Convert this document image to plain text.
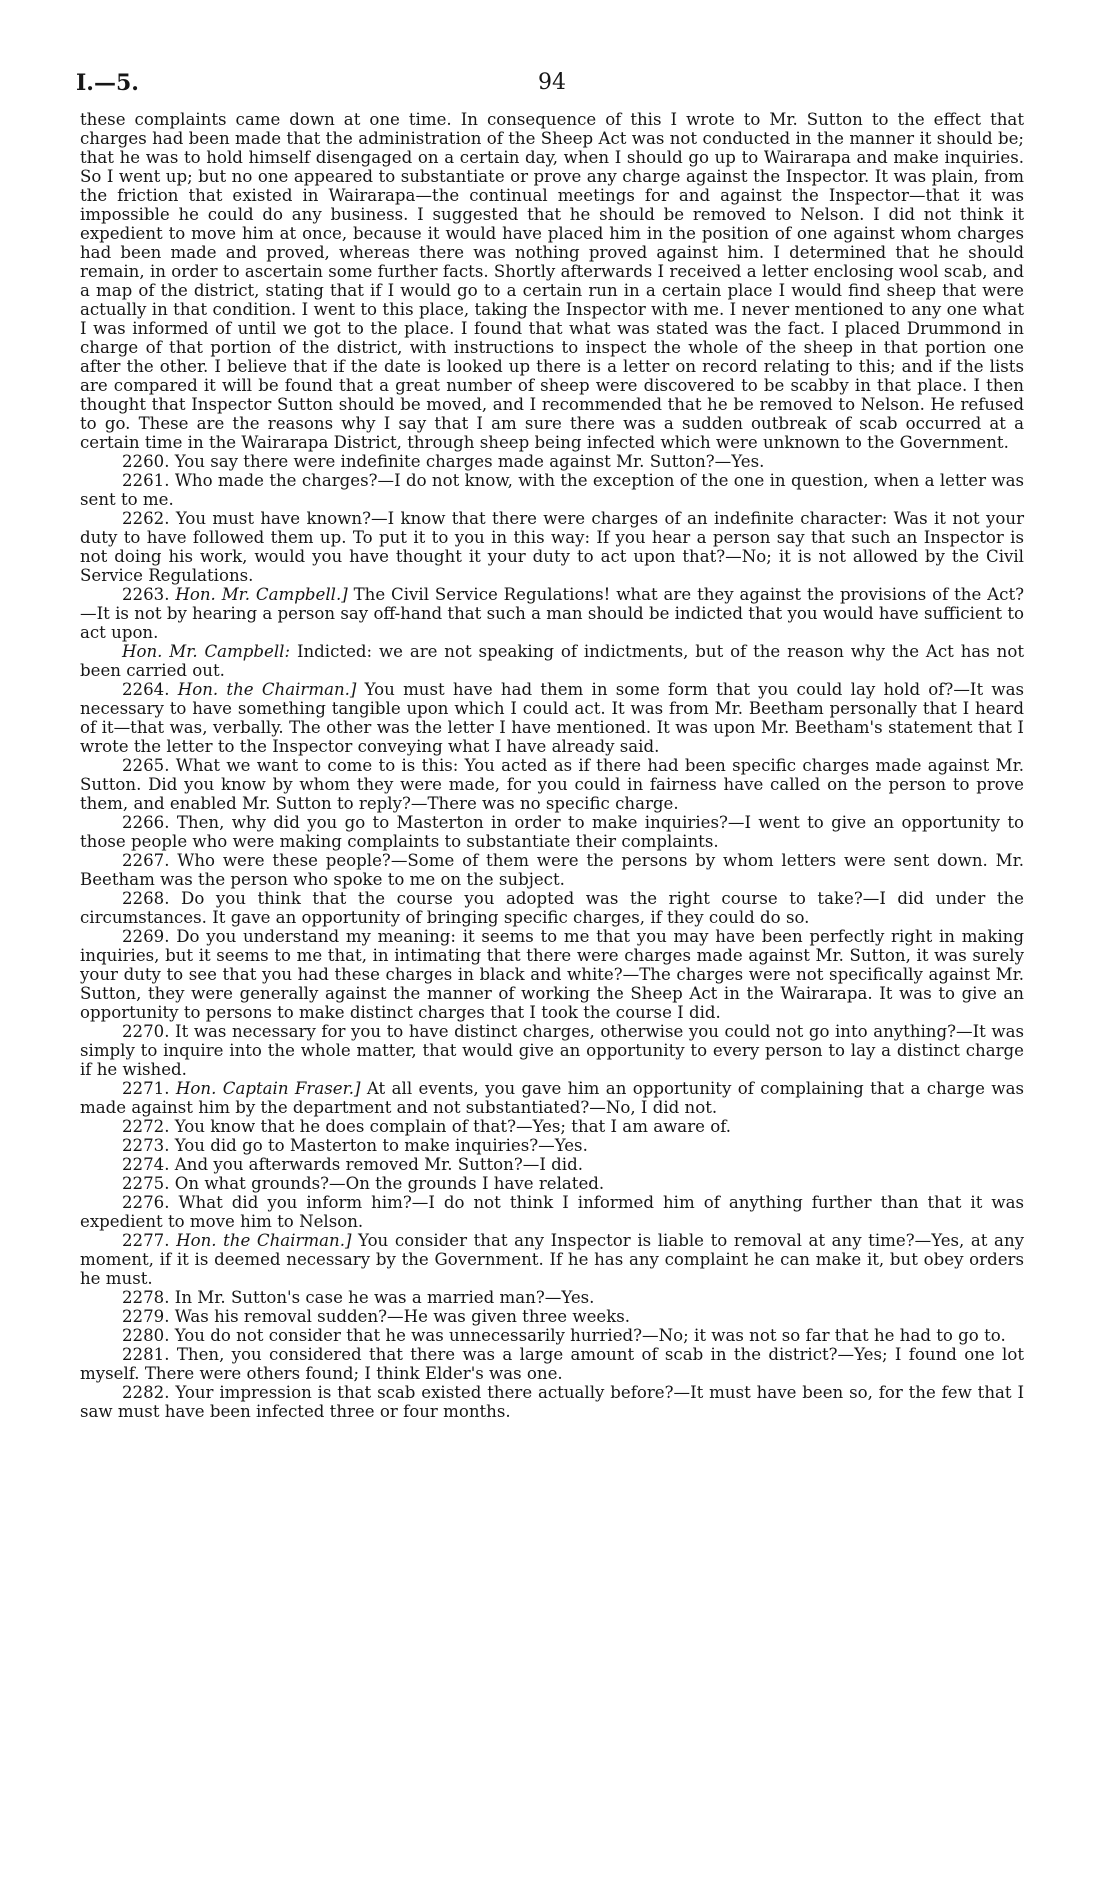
I.—5.	94

these complaints came down at one time. In consequence of this I wrote to Mr. Sutton to the effect that charges had been made that the administration of the Sheep Act was not conducted in the manner it should be; that he was to hold himself disengaged on a certain day, when I should go up to Wairarapa and make inquiries. So I went up; but no one appeared to substantiate or prove any charge against the Inspector. It was plain, from the friction that existed in Wairarapa—the continual meetings for and against the Inspector—that it was impossible he could do any business. I suggested that he should be removed to Nelson. I did not think it expedient to move him at once, because it would have placed him in the position of one against whom charges had been made and proved, whereas there was nothing proved against him. I determined that he should remain, in order to ascertain some further facts. Shortly afterwards I received a letter enclosing wool scab, and a map of the district, stating that if I would go to a certain run in a certain place I would find sheep that were actually in that condition. I went to this place, taking the Inspector with me. I never mentioned to any one what I was informed of until we got to the place. I found that what was stated was the fact. I placed Drummond in charge of that portion of the district, with instructions to inspect the whole of the sheep in that portion one after the other. I believe that if the date is looked up there is a letter on record relating to this; and if the lists are compared it will be found that a great number of sheep were discovered to be scabby in that place. I then thought that Inspector Sutton should be moved, and I recommended that he be removed to Nelson. He refused to go. These are the reasons why I say that I am sure there was a sudden outbreak of scab occurred at a certain time in the Wairarapa District, through sheep being infected which were unknown to the Government.

2260. You say there were indefinite charges made against Mr. Sutton?—Yes.

2261. Who made the charges?—I do not know, with the exception of the one in question, when a letter was sent to me.

2262. You must have known?—I know that there were charges of an indefinite character: Was it not your duty to have followed them up. To put it to you in this way: If you hear a person say that such an Inspector is not doing his work, would you have thought it your duty to act upon that?—No; it is not allowed by the Civil Service Regulations.

2263. Hon. Mr. Campbell.] The Civil Service Regulations! what are they against the provisions of the Act?—It is not by hearing a person say off-hand that such a man should be indicted that you would have sufficient to act upon.

Hon. Mr. Campbell: Indicted: we are not speaking of indictments, but of the reason why the Act has not been carried out.

2264. Hon. the Chairman.] You must have had them in some form that you could lay hold of?—It was necessary to have something tangible upon which I could act. It was from Mr. Beetham personally that I heard of it—that was, verbally. The other was the letter I have mentioned. It was upon Mr. Beetham's statement that I wrote the letter to the Inspector conveying what I have already said.

2265. What we want to come to is this: You acted as if there had been specific charges made against Mr. Sutton. Did you know by whom they were made, for you could in fairness have called on the person to prove them, and enabled Mr. Sutton to reply?—There was no specific charge.

2266. Then, why did you go to Masterton in order to make inquiries?—I went to give an opportunity to those people who were making complaints to substantiate their complaints.

2267. Who were these people?—Some of them were the persons by whom letters were sent down. Mr. Beetham was the person who spoke to me on the subject.

2268. Do you think that the course you adopted was the right course to take?—I did under the circumstances. It gave an opportunity of bringing specific charges, if they could do so.

2269. Do you understand my meaning: it seems to me that you may have been perfectly right in making inquiries, but it seems to me that, in intimating that there were charges made against Mr. Sutton, it was surely your duty to see that you had these charges in black and white?—The charges were not specifically against Mr. Sutton, they were generally against the manner of working the Sheep Act in the Wairarapa. It was to give an opportunity to persons to make distinct charges that I took the course I did.

2270. It was necessary for you to have distinct charges, otherwise you could not go into anything?—It was simply to inquire into the whole matter, that would give an opportunity to every person to lay a distinct charge if he wished.

2271. Hon. Captain Fraser.] At all events, you gave him an opportunity of complaining that a charge was made against him by the department and not substantiated?—No, I did not.

2272. You know that he does complain of that?—Yes; that I am aware of.

2273. You did go to Masterton to make inquiries?—Yes.

2274. And you afterwards removed Mr. Sutton?—I did.

2275. On what grounds?—On the grounds I have related.

2276. What did you inform him?—I do not think I informed him of anything further than that it was expedient to move him to Nelson.

2277. Hon. the Chairman.] You consider that any Inspector is liable to removal at any time?—Yes, at any moment, if it is deemed necessary by the Government. If he has any complaint he can make it, but obey orders he must.

2278. In Mr. Sutton's case he was a married man?—Yes.

2279. Was his removal sudden?—He was given three weeks.

2280. You do not consider that he was unnecessarily hurried?—No; it was not so far that he had to go to.

2281. Then, you considered that there was a large amount of scab in the district?—Yes; I found one lot myself. There were others found; I think Elder's was one.

2282. Your impression is that scab existed there actually before?—It must have been so, for the few that I saw must have been infected three or four months.
